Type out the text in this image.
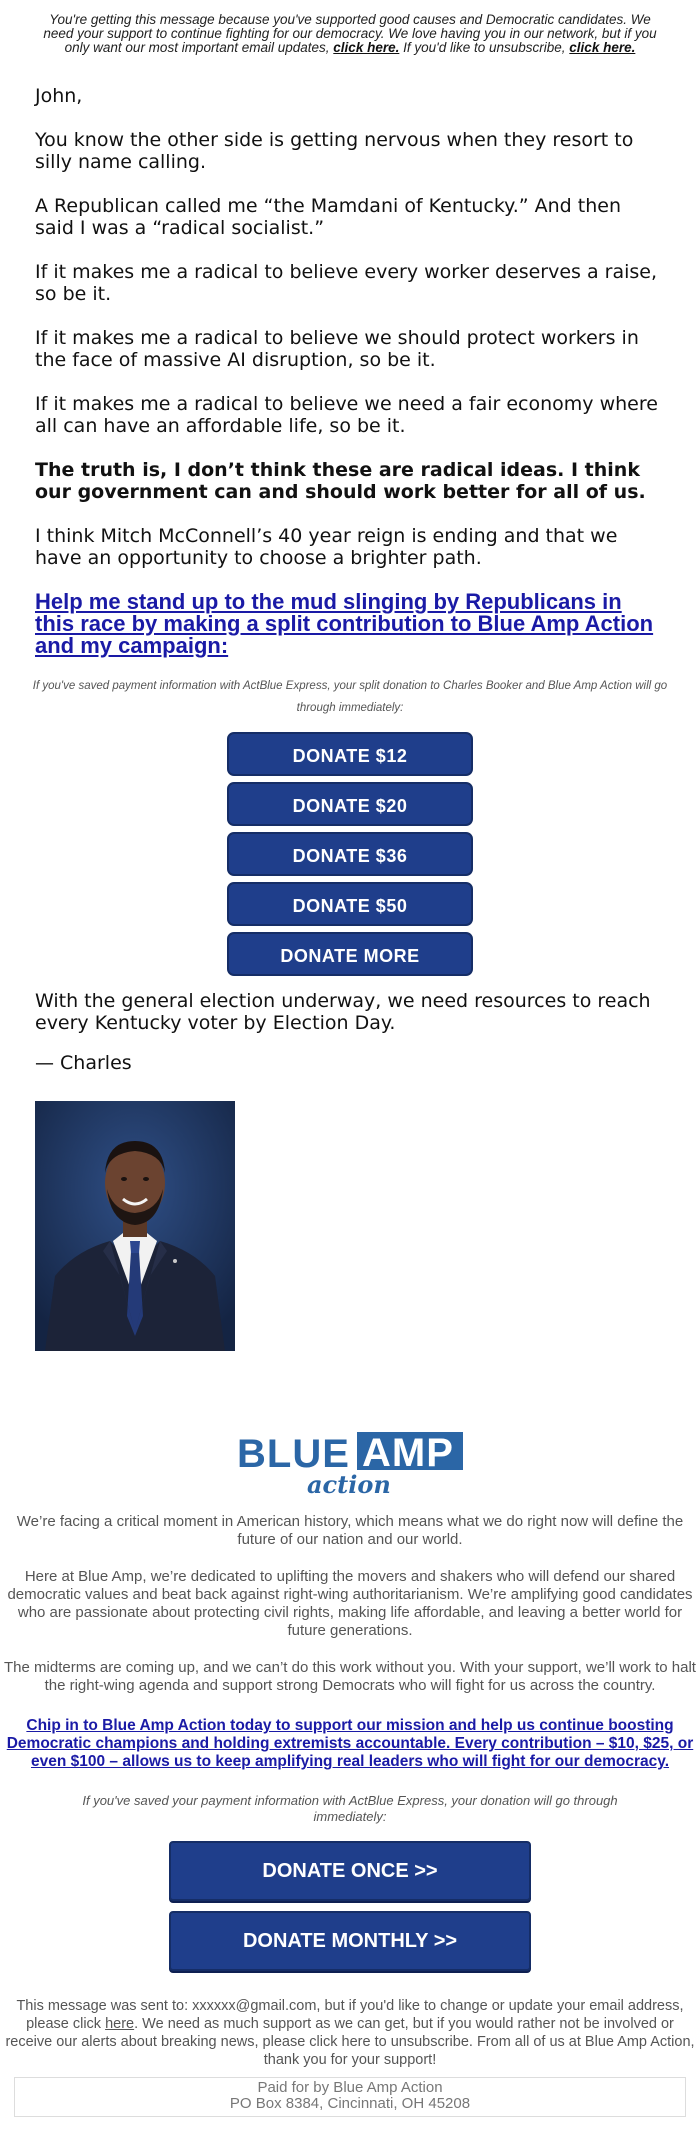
You're getting this message because you've supported good causes and Democratic candidates. We need your support to continue fighting for our democracy. We love having you in our network, but if you only want our most important email updates, click here. If you'd like to unsubscribe, click here.

John,

You know the other side is getting nervous when they resort to silly name calling.

A Republican called me “the Mamdani of Kentucky.” And then said I was a “radical socialist.”

If it makes me a radical to believe every worker deserves a raise, so be it.

If it makes me a radical to believe we should protect workers in the face of massive AI disruption, so be it.

If it makes me a radical to believe we need a fair economy where all can have an affordable life, so be it.

The truth is, I don’t think these are radical ideas. I think our government can and should work better for all of us.

I think Mitch McConnell’s 40 year reign is ending and that we have an opportunity to choose a brighter path.

Help me stand up to the mud slinging by Republicans in this race by making a split contribution to Blue Amp Action and my campaign:

If you've saved payment information with ActBlue Express, your split donation to Charles Booker and Blue Amp Action will go through immediately:

DONATE $12
DONATE $20
DONATE $36
DONATE $50
DONATE MORE

With the general election underway, we need resources to reach every Kentucky voter by Election Day.

— Charles

BLUE AMP
action

We’re facing a critical moment in American history, which means what we do right now will define the future of our nation and our world.

Here at Blue Amp, we’re dedicated to uplifting the movers and shakers who will defend our shared democratic values and beat back against right-wing authoritarianism. We’re amplifying good candidates who are passionate about protecting civil rights, making life affordable, and leaving a better world for future generations.

The midterms are coming up, and we can’t do this work without you. With your support, we’ll work to halt the right-wing agenda and support strong Democrats who will fight for us across the country.

Chip in to Blue Amp Action today to support our mission and help us continue boosting Democratic champions and holding extremists accountable. Every contribution – $10, $25, or even $100 – allows us to keep amplifying real leaders who will fight for our democracy.

If you've saved your payment information with ActBlue Express, your donation will go through immediately:

DONATE ONCE >>
DONATE MONTHLY >>

This message was sent to: xxxxxx@gmail.com, but if you'd like to change or update your email address, please click here. We need as much support as we can get, but if you would rather not be involved or receive our alerts about breaking news, please click here to unsubscribe. From all of us at Blue Amp Action, thank you for your support!

Paid for by Blue Amp Action
PO Box 8384, Cincinnati, OH 45208
